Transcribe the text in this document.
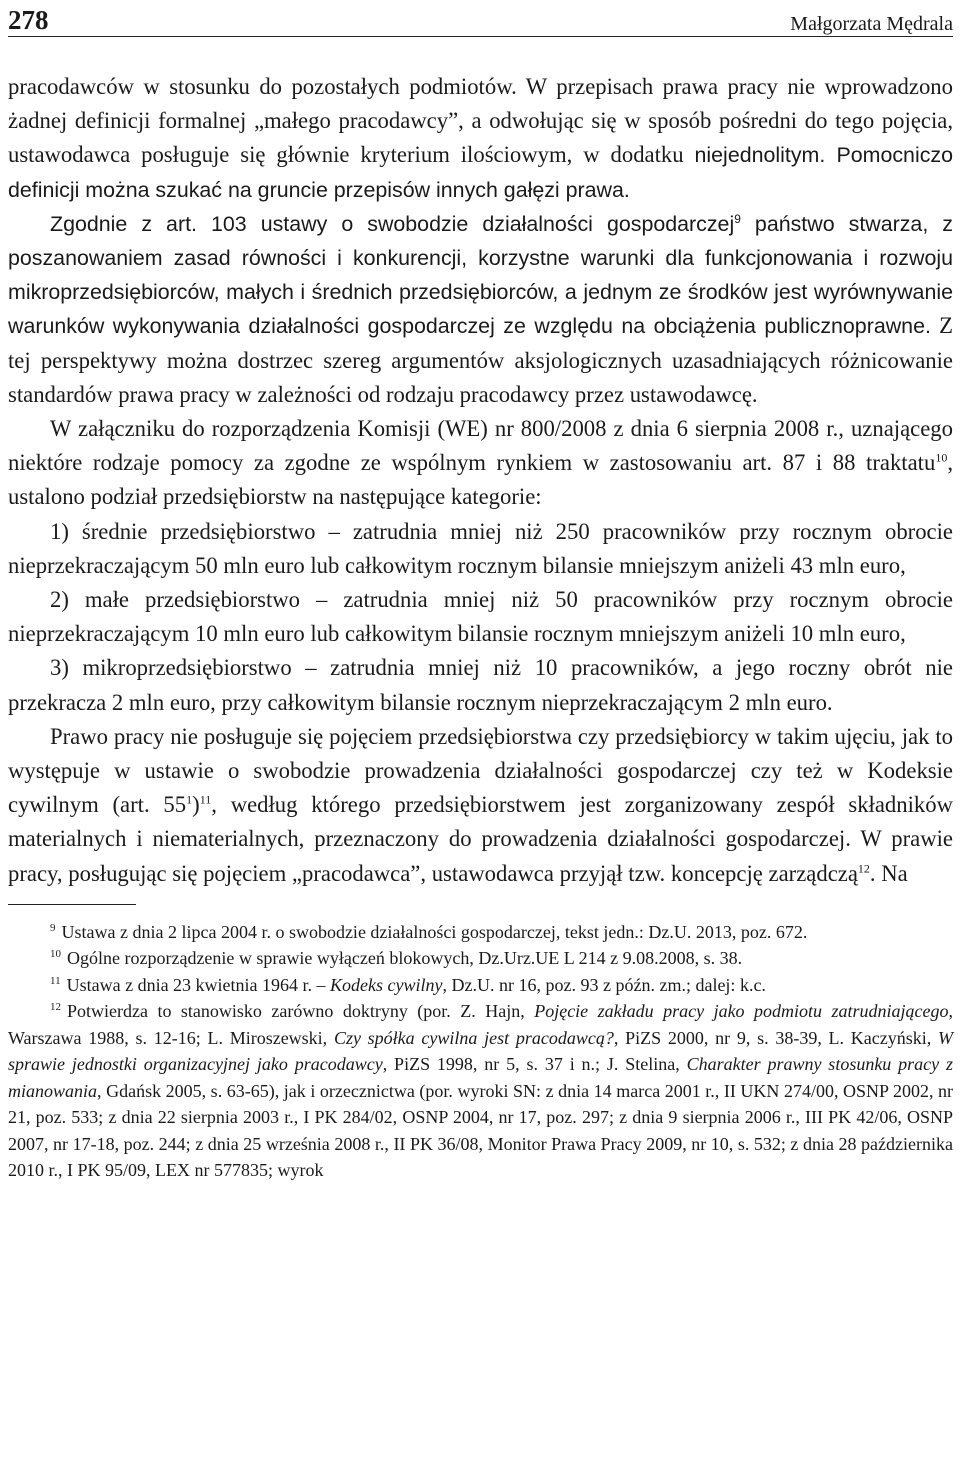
278	Małgorzata Mędrala

pracodawców w stosunku do pozostałych podmiotów. W przepisach prawa pracy nie wprowadzono żadnej definicji formalnej „małego pracodawcy”, a odwołując się w sposób pośredni do tego pojęcia, ustawodawca posługuje się głównie kryterium ilościowym, w dodatku niejednolitym. Pomocniczo definicji można szukać na gruncie przepisów innych gałęzi prawa.

Zgodnie z art. 103 ustawy o swobodzie działalności gospodarczej$^9$ państwo stwarza, z poszanowaniem zasad równości i konkurencji, korzystne warunki dla funkcjonowania i rozwoju mikroprzedsiębiorców, małych i średnich przedsiębiorców, a jednym ze środków jest wyrównywanie warunków wykonywania działalności gospodarczej ze względu na obciążenia publicznoprawne. Z tej perspektywy można dostrzec szereg argumentów aksjologicznych uzasadniających różnicowanie standardów prawa pracy w zależności od rodzaju pracodawcy przez ustawodawcę.

W załączniku do rozporządzenia Komisji (WE) nr 800/2008 z dnia 6 sierpnia 2008 r., uznającego niektóre rodzaje pomocy za zgodne ze wspólnym rynkiem w zastosowaniu art. 87 i 88 traktatu$^{10}$, ustalono podział przedsiębiorstw na następujące kategorie:

1) średnie przedsiębiorstwo – zatrudnia mniej niż 250 pracowników przy rocznym obrocie nieprzekraczającym 50 mln euro lub całkowitym rocznym bilansie mniejszym aniżeli 43 mln euro,

2) małe przedsiębiorstwo – zatrudnia mniej niż 50 pracowników przy rocznym obrocie nieprzekraczającym 10 mln euro lub całkowitym bilansie rocznym mniejszym aniżeli 10 mln euro,

3) mikroprzedsiębiorstwo – zatrudnia mniej niż 10 pracowników, a jego roczny obrót nie przekracza 2 mln euro, przy całkowitym bilansie rocznym nieprzekraczającym 2 mln euro.

Prawo pracy nie posługuje się pojęciem przedsiębiorstwa czy przedsiębiorcy w takim ujęciu, jak to występuje w ustawie o swobodzie prowadzenia działalności gospodarczej czy też w Kodeksie cywilnym (art. $55^1)^{11}$, według którego przedsiębiorstwem jest zorganizowany zespół składników materialnych i niematerialnych, przeznaczony do prowadzenia działalności gospodarczej. W prawie pracy, posługując się pojęciem „pracodawca”, ustawodawca przyjął tzw. koncepcję zarządczą$^{12}$. Na

$^9$ Ustawa z dnia 2 lipca 2004 r. o swobodzie działalności gospodarczej, tekst jedn.: Dz.U. 2013, poz. 672.

$^{10}$ Ogólne rozporządzenie w sprawie wyłączeń blokowych, Dz.Urz.UE L 214 z 9.08.2008, s. 38.

$^{11}$ Ustawa z dnia 23 kwietnia 1964 r. – Kodeks cywilny, Dz.U. nr 16, poz. 93 z późn. zm.; dalej: k.c.

$^{12}$ Potwierdza to stanowisko zarówno doktryny (por. Z. Hajn, Pojęcie zakładu pracy jako podmiotu zatrudniającego, Warszawa 1988, s. 12-16; L. Miroszewski, Czy spółka cywilna jest pracodawcą?, PiZS 2000, nr 9, s. 38-39, L. Kaczyński, W sprawie jednostki organizacyjnej jako pracodawcy, PiZS 1998, nr 5, s. 37 i n.; J. Stelina, Charakter prawny stosunku pracy z mianowania, Gdańsk 2005, s. 63-65), jak i orzecznictwa (por. wyroki SN: z dnia 14 marca 2001 r., II UKN 274/00, OSNP 2002, nr 21, poz. 533; z dnia 22 sierpnia 2003 r., I PK 284/02, OSNP 2004, nr 17, poz. 297; z dnia 9 sierpnia 2006 r., III PK 42/06, OSNP 2007, nr 17-18, poz. 244; z dnia 25 września 2008 r., II PK 36/08, Monitor Prawa Pracy 2009, nr 10, s. 532; z dnia 28 października 2010 r., I PK 95/09, LEX nr 577835; wyrok
